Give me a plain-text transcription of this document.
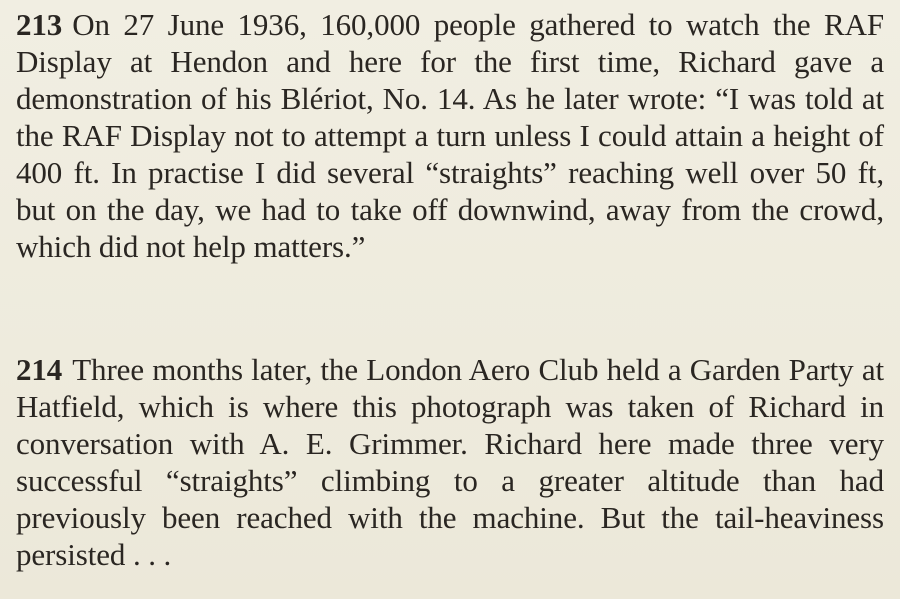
213 On 27 June 1936, 160,000 people gathered to watch the RAF Display at Hendon and here for the first time, Richard gave a demonstration of his Blériot, No. 14. As he later wrote: “I was told at the RAF Display not to attempt a turn unless I could attain a height of 400 ft. In practise I did several “straights” reaching well over 50 ft, but on the day, we had to take off downwind, away from the crowd, which did not help matters.”

214 Three months later, the London Aero Club held a Garden Party at Hatfield, which is where this photograph was taken of Richard in conversation with A. E. Grimmer. Richard here made three very successful “straights” climbing to a greater altitude than had previously been reached with the machine. But the tail-heaviness persisted . . .
